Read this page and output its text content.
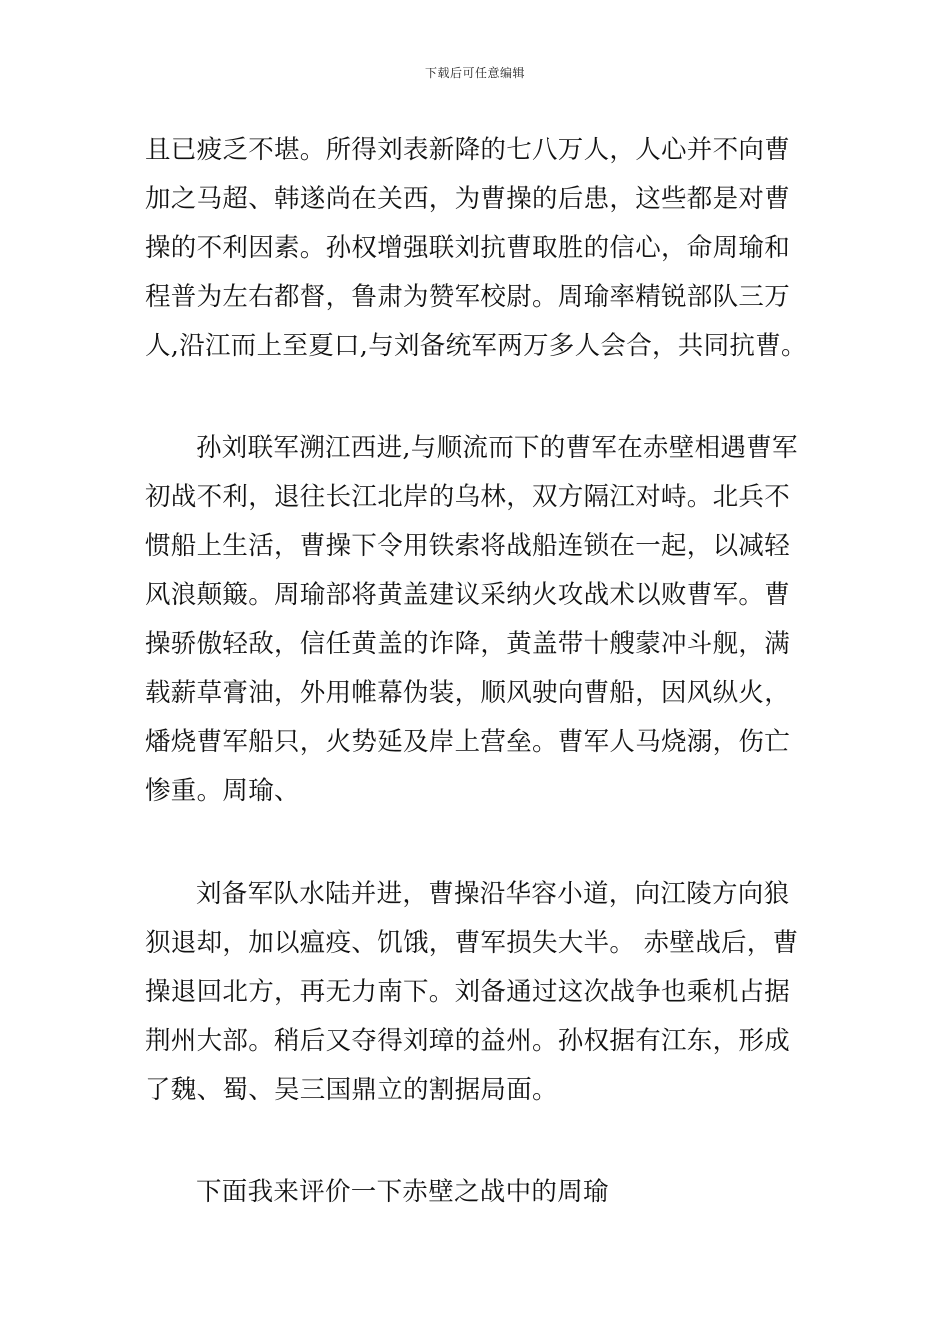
下载后可任意编辑
且已疲乏不堪。所得刘表新降的七八万人，人心并不向曹
加之马超、韩遂尚在关西，为曹操的后患，这些都是对曹
操的不利因素。孙权增强联刘抗曹取胜的信心，命周瑜和
程普为左右都督，鲁肃为赞军校尉。周瑜率精锐部队三万
人,沿江而上至夏口,与刘备统军两万多人会合，共同抗曹。
孙刘联军溯江西进,与顺流而下的曹军在赤壁相遇曹军
初战不利，退往长江北岸的乌林，双方隔江对峙。北兵不
惯船上生活，曹操下令用铁索将战船连锁在一起，以减轻
风浪颠簸。周瑜部将黄盖建议采纳火攻战术以败曹军。曹
操骄傲轻敌，信任黄盖的诈降，黄盖带十艘蒙冲斗舰，满
载薪草膏油，外用帷幕伪装，顺风驶向曹船，因风纵火，
燔烧曹军船只，火势延及岸上营垒。曹军人马烧溺，伤亡
惨重。周瑜、
刘备军队水陆并进，曹操沿华容小道，向江陵方向狼
狈退却，加以瘟疫、饥饿，曹军损失大半。 赤壁战后，曹
操退回北方，再无力南下。刘备通过这次战争也乘机占据
荆州大部。稍后又夺得刘璋的益州。孙权据有江东，形成
了魏、蜀、吴三国鼎立的割据局面。
下面我来评价一下赤壁之战中的周瑜
